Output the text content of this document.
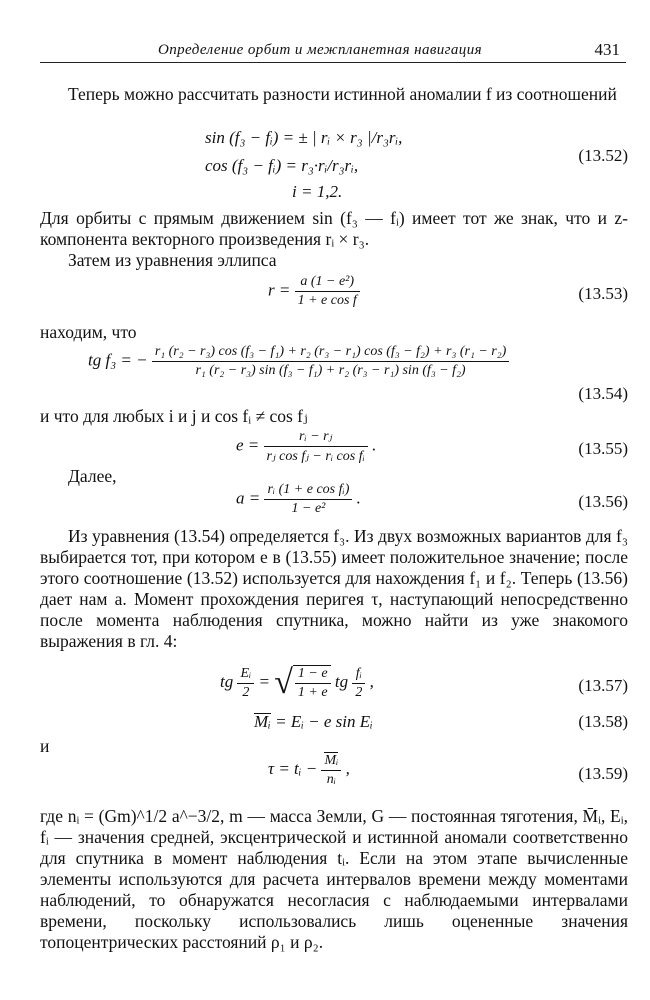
Определение орбит и межпланетная навигация	431

Теперь можно рассчитать разности истинной аномалии f из соотношений

sin (f₃ − fᵢ) = ± | rᵢ × r₃ |/r₃rᵢ,
cos (f₃ − fᵢ) = r₃·rᵢ/r₃rᵢ,
i = 1,2.
(13.52)

Для орбиты с прямым движением sin (f₃ — fᵢ) имеет тот же знак, что и z-компонента векторного произведения rᵢ × r₃.

Затем из уравнения эллипса

$r = \frac{\text{a (1 − e²)}}{\text{1 + e cos f}}$	(13.53)

находим, что

tg f₃ = − r₁ (r₂ − r₃) cos (f₃ − f₁) + r₂ (r₃ − r₁) cos (f₃ − f₂) + r₃ (r₁ − r₂)
r₁ (r₂ − r₃) sin (f₃ − f₁) + r₂ (r₃ − r₁) sin (f₃ − f₂)
(13.54)

и что для любых i и j и cos fᵢ ≠ cos fⱼ

$e = \frac{\text{rᵢ − rⱼ}}{\text{rⱼ cos fⱼ − rᵢ cos fᵢ}}$ .	(13.55)

Далее,

$a = \frac{\text{rᵢ (1 + e cos fᵢ)}}{\text{1 − e²}}$ .	(13.56)

Из уравнения (13.54) определяется f₃. Из двух возможных вариантов для f₃ выбирается тот, при котором e в (13.55) имеет положительное значение; после этого соотношение (13.52) используется для нахождения f₁ и f₂. Теперь (13.56) дает нам a. Момент прохождения перигея τ, наступающий непосредственно после момента наблюдения спутника, можно найти из уже знакомого выражения в гл. 4:

tg $\frac{\text{Eᵢ}}{2}$ = √ $\frac{1 - e}{1 + e}$ tg $\frac{\text{fᵢ}}{2}$ ,	(13.57)
Mᵢ = Eᵢ − e sin Eᵢ	(13.58)

и

τ = tᵢ − $\frac{\text{Mᵢ}}{\text{nᵢ}}$ ,	(13.59)

где nᵢ = (Gm)^1/2 a^−3/2, m — масса Земли, G — постоянная тяготения, M̄ᵢ, Eᵢ, fᵢ — значения средней, эксцентрической и истинной аномали соответственно для спутника в момент наблюдения tᵢ. Если на этом этапе вычисленные элементы используются для расчета интервалов времени между моментами наблюдений, то обнаружатся несогласия с наблюдаемыми интервалами времени, поскольку использовались лишь оцененные значения топоцентрических расстояний ρ₁ и ρ₂.
